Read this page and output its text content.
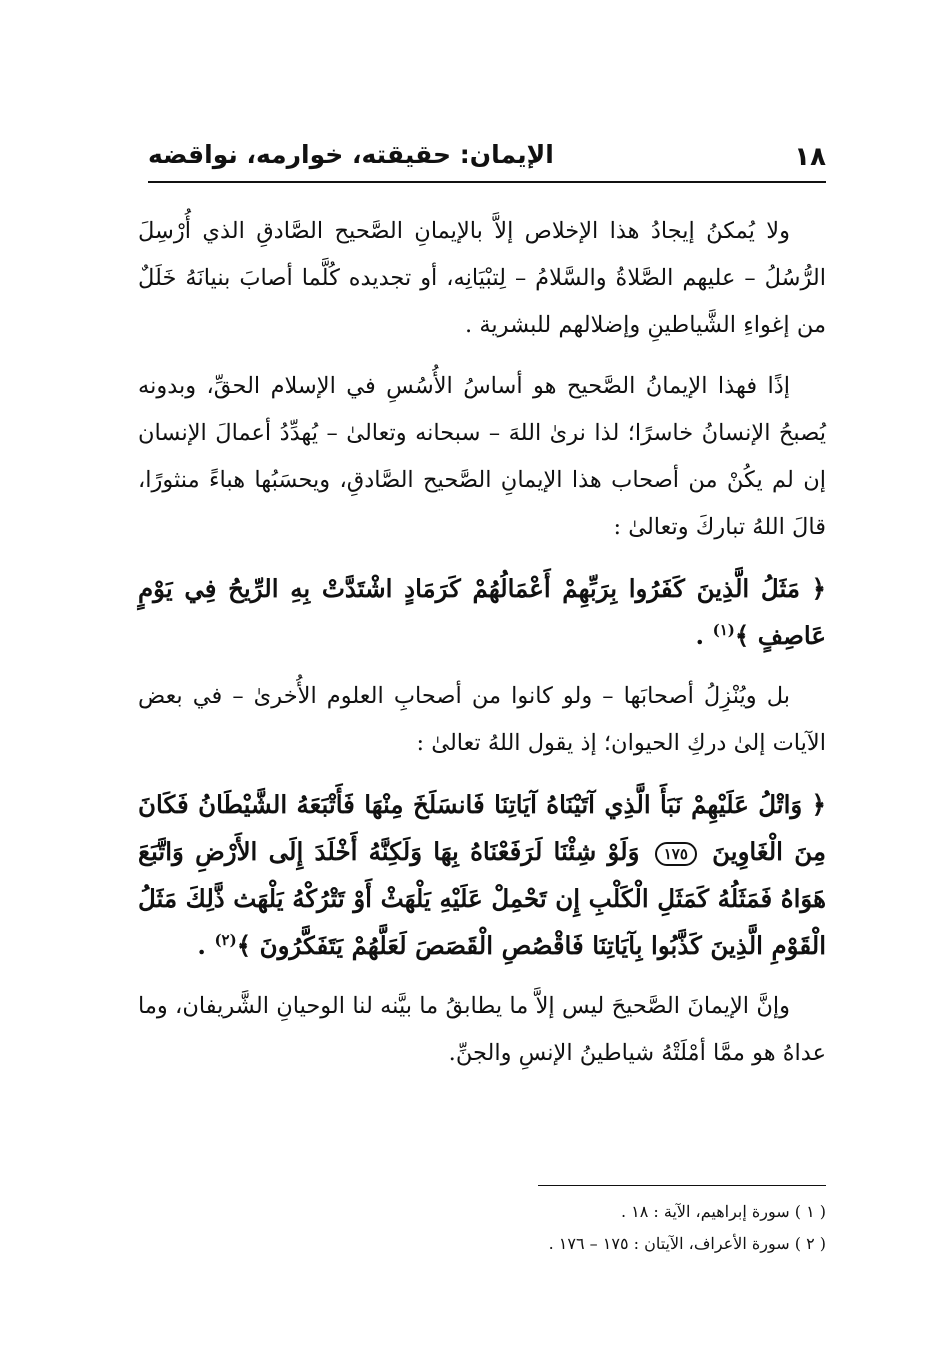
١٨
الإيمان: حقيقته، خوارمه، نواقضه

ولا يُمكنُ إيجادُ هذا الإخلاص إلاَّ بالإيمانِ الصَّحيح الصَّادقِ الذي أُرْسِلَ الرُّسُلُ – عليهم الصَّلاةُ والسَّلامُ – لِتبْيَانِه، أو تجديده كُلَّما أصابَ بنيانَهُ خَلَلٌ من إغواءِ الشَّياطينِ وإضلالهم للبشرية .

إذًا فهذا الإيمانُ الصَّحيح هو أساسُ الأُسُسِ في الإسلام الحقِّ، وبدونه يُصبحُ الإنسانُ خاسرًا؛ لذا نرىٰ اللهَ – سبحانه وتعالىٰ – يُهدِّدُ أعمالَ الإنسان إن لم يكُنْ من أصحاب هذا الإيمانِ الصَّحيح الصَّادقِ، ويحسَبُها هباءً منثورًا، قالَ اللهُ تباركَ وتعالىٰ :

﴿ مَثَلُ الَّذِينَ كَفَرُوا بِرَبِّهِمْ أَعْمَالُهُمْ كَرَمَادٍ اشْتَدَّتْ بِهِ الرِّيحُ فِي يَوْمٍ عَاصِفٍ ﴾$^{(١)}$ .

بل ويُنْزِلُ أصحابَها – ولو كانوا من أصحابِ العلوم الأُخرىٰ – في بعض الآيات إلىٰ دركِ الحيوان؛ إذ يقول اللهُ تعالىٰ :

﴿ وَاتْلُ عَلَيْهِمْ نَبَأَ الَّذِي آتَيْنَاهُ آيَاتِنَا فَانسَلَخَ مِنْهَا فَأَتْبَعَهُ الشَّيْطَانُ فَكَانَ مِنَ الْغَاوِينَ ١٧٥ وَلَوْ شِئْنَا لَرَفَعْنَاهُ بِهَا وَلَكِنَّهُ أَخْلَدَ إِلَى الأَرْضِ وَاتَّبَعَ هَوَاهُ فَمَثَلُهُ كَمَثَلِ الْكَلْبِ إِن تَحْمِلْ عَلَيْهِ يَلْهَثْ أَوْ تَتْرُكْهُ يَلْهَث ذَّلِكَ مَثَلُ الْقَوْمِ الَّذِينَ كَذَّبُوا بِآيَاتِنَا فَاقْصُصِ الْقَصَصَ لَعَلَّهُمْ يَتَفَكَّرُونَ ﴾$^{(٢)}$ .

وإنَّ الإيمانَ الصَّحيحَ ليس إلاَّ ما يطابقُ ما بيَّنه لنا الوحيانِ الشَّريفان، وما عداهُ هو ممَّا أمْلَتْهُ شياطينُ الإنسِ والجنِّ.

( ١ ) سورة إبراهيم، الآية : ١٨ .

( ٢ ) سورة الأعراف، الآيتان : ١٧٥ – ١٧٦ .
